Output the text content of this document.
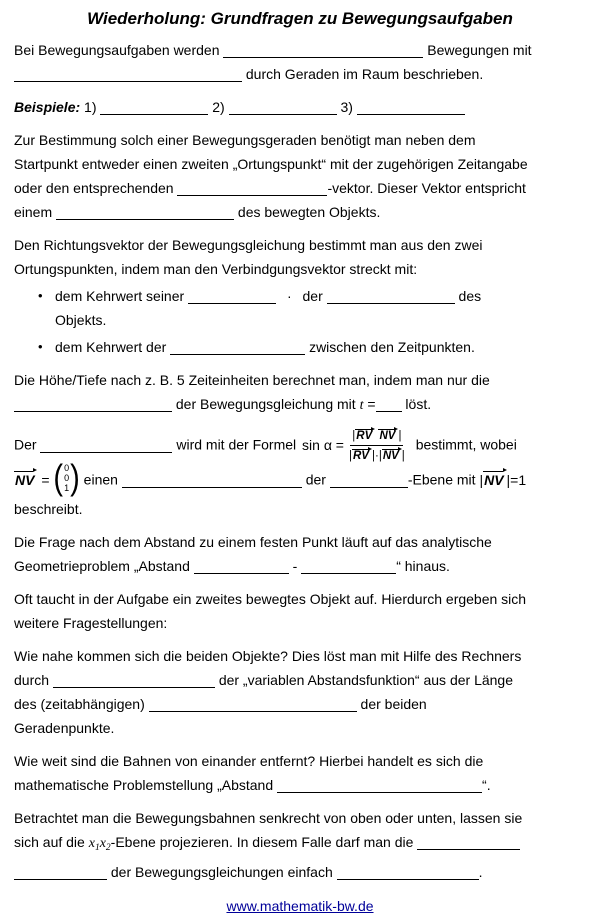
Wiederholung: Grundfragen zu Bewegungsaufgaben

Bei Bewegungsaufgaben werden	Bewegungen mit
durch Geraden im Raum beschrieben.

Beispiele: 1)	2)	3)

Zur Bestimmung solch einer Bewegungsgeraden benötigt man neben dem
Startpunkt entweder einen zweiten „Ortungspunkt“ mit der zugehörigen Zeitangabe
oder den entsprechenden	-vektor. Dieser Vektor entspricht
einem	des bewegten Objekts.

Den Richtungsvektor der Bewegungsgleichung bestimmt man aus den zwei
Ortungspunkten, indem man den Verbindgungsvektor streckt mit:

• dem Kehrwert seiner	· der	des
Objekts.
• dem Kehrwert der	zwischen den Zeitpunkten.

Die Höhe/Tiefe nach z. B. 5 Zeiteinheiten berechnet man, indem man nur die
der Bewegungsgleichung mit t = löst.

Der	wird mit der Formel $\sin \alpha = \frac{\text{|RV NV |}}{|RV |\cdot|NV |}$ bestimmt, wobei
NV = ( 0
0
1 ) einen	der	-Ebene mit |NV |=1
beschreibt.

Die Frage nach dem Abstand zu einem festen Punkt läuft auf das analytische
Geometrieproblem „Abstand	-	“ hinaus.

Oft taucht in der Aufgabe ein zweites bewegtes Objekt auf. Hierdurch ergeben sich
weitere Fragestellungen:

Wie nahe kommen sich die beiden Objekte? Dies löst man mit Hilfe des Rechners
durch	der „variablen Abstandsfunktion“ aus der Länge
des (zeitabhängigen)	der beiden
Geradenpunkte.

Wie weit sind die Bahnen von einander entfernt? Hierbei handelt es sich die
mathematische Problemstellung „Abstand	“.

Betrachtet man die Bewegungsbahnen senkrecht von oben oder unten, lassen sie
sich auf die $x_1x_2$-Ebene projezieren. In diesem Falle darf man die
der Bewegungsgleichungen einfach	.

www.mathematik-bw.de
